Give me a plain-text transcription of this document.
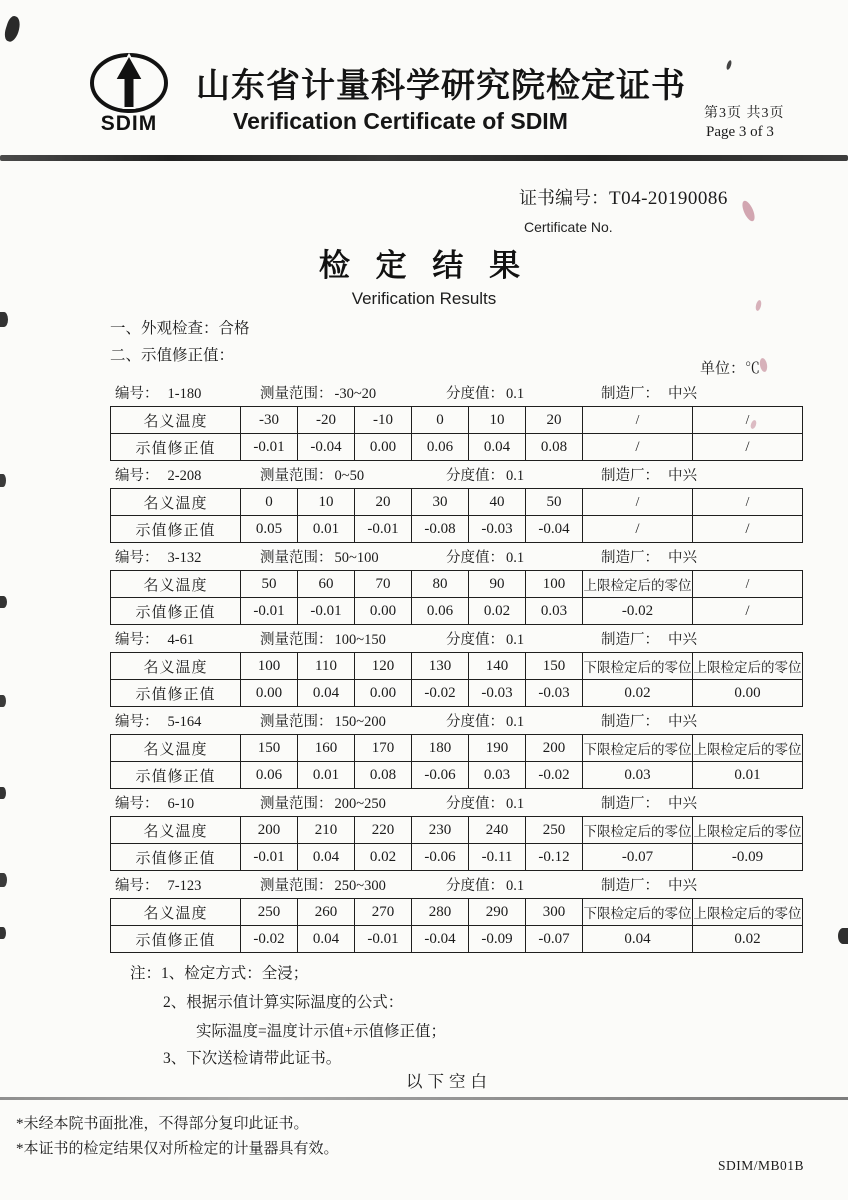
SDIM
山东省计量科学研究院检定证书
Verification Certificate of SDIM	第3页 共3页
Page 3 of 3
证书编号：T04-20190086
Certificate No.
检 定 结 果
Verification Results
一、外观检查：合格
二、示值修正值：
单位：℃
编号： 1-180	测量范围： -30~20	分度值： 0.1	制造厂： 中兴
名义温度	-30	-20	-10	0	10	20	/	/
示值修正值	-0.01	-0.04	0.00	0.06	0.04	0.08	/	/
编号： 2-208	测量范围： 0~50	分度值： 0.1	制造厂： 中兴
名义温度	0	10	20	30	40	50	/	/
示值修正值	0.05	0.01	-0.01	-0.08	-0.03	-0.04	/	/
编号： 3-132	测量范围： 50~100	分度值： 0.1	制造厂： 中兴
名义温度	50	60	70	80	90	100	上限检定后的零位	/
示值修正值	-0.01	-0.01	0.00	0.06	0.02	0.03	-0.02	/
编号： 4-61	测量范围： 100~150	分度值： 0.1	制造厂： 中兴
名义温度	100	110	120	130	140	150	下限检定后的零位	上限检定后的零位
示值修正值	0.00	0.04	0.00	-0.02	-0.03	-0.03	0.02	0.00
编号： 5-164	测量范围： 150~200	分度值： 0.1	制造厂： 中兴
名义温度	150	160	170	180	190	200	下限检定后的零位	上限检定后的零位
示值修正值	0.06	0.01	0.08	-0.06	0.03	-0.02	0.03	0.01
编号： 6-10	测量范围： 200~250	分度值： 0.1	制造厂： 中兴
名义温度	200	210	220	230	240	250	下限检定后的零位	上限检定后的零位
示值修正值	-0.01	0.04	0.02	-0.06	-0.11	-0.12	-0.07	-0.09
编号： 7-123	测量范围： 250~300	分度值： 0.1	制造厂： 中兴
名义温度	250	260	270	280	290	300	下限检定后的零位	上限检定后的零位
示值修正值	-0.02	0.04	-0.01	-0.04	-0.09	-0.07	0.04	0.02
注：1、检定方式：全浸；
2、根据示值计算实际温度的公式：
实际温度=温度计示值+示值修正值；
3、下次送检请带此证书。
以下空白
*未经本院书面批准，不得部分复印此证书。
*本证书的检定结果仅对所检定的计量器具有效。
SDIM/MB01B
